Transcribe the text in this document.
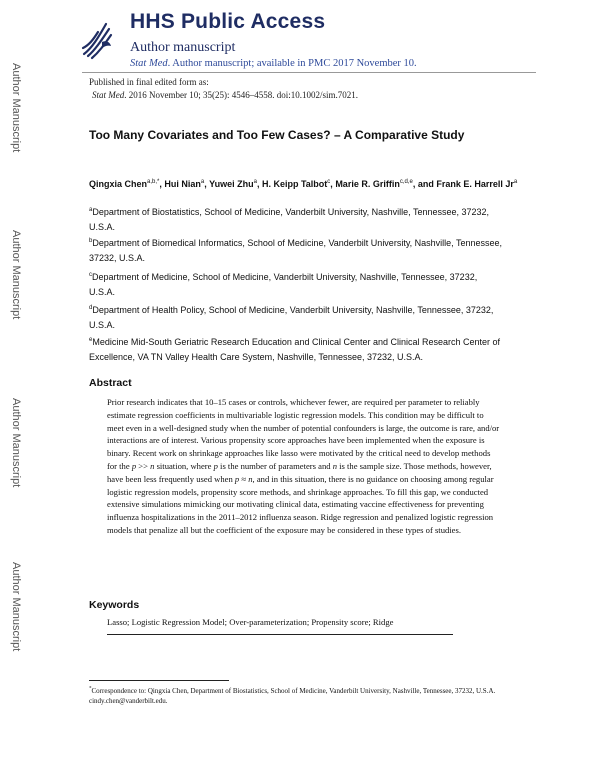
Author Manuscript
Author Manuscript
Author Manuscript
Author Manuscript
HHS Public Access
Author manuscript
Stat Med. Author manuscript; available in PMC 2017 November 10.
Published in final edited form as:
Stat Med. 2016 November 10; 35(25): 4546–4558. doi:10.1002/sim.7021.
Too Many Covariates and Too Few Cases? – A Comparative Study
Qingxia Chen$^{a,b,*}$, Hui Nian$^a$, Yuwei Zhu$^a$, H. Keipp Talbot$^c$, Marie R. Griffin$^{c,d,e}$, and Frank E. Harrell Jr$^a$
$^a$Department of Biostatistics, School of Medicine, Vanderbilt University, Nashville, Tennessee, 37232, U.S.A.
$^b$Department of Biomedical Informatics, School of Medicine, Vanderbilt University, Nashville, Tennessee, 37232, U.S.A.
$^c$Department of Medicine, School of Medicine, Vanderbilt University, Nashville, Tennessee, 37232, U.S.A.
$^d$Department of Health Policy, School of Medicine, Vanderbilt University, Nashville, Tennessee, 37232, U.S.A.
$^e$Medicine Mid-South Geriatric Research Education and Clinical Center and Clinical Research Center of Excellence, VA TN Valley Health Care System, Nashville, Tennessee, 37232, U.S.A.
Abstract
Prior research indicates that 10–15 cases or controls, whichever fewer, are required per parameter to reliably estimate regression coefficients in multivariable logistic regression models. This condition may be difficult to meet even in a well-designed study when the number of potential confounders is large, the outcome is rare, and/or interactions are of interest. Various propensity score approaches have been implemented when the exposure is binary. Recent work on shrinkage approaches like lasso were motivated by the critical need to develop methods for the p >> n situation, where p is the number of parameters and n is the sample size. Those methods, however, have been less frequently used when p ≈ n, and in this situation, there is no guidance on choosing among regular logistic regression models, propensity score methods, and shrinkage approaches. To fill this gap, we conducted extensive simulations mimicking our motivating clinical data, estimating vaccine effectiveness for preventing influenza hospitalizations in the 2011–2012 influenza season. Ridge regression and penalized logistic regression models that penalize all but the coefficient of the exposure may be considered in these types of studies.
Keywords
Lasso; Logistic Regression Model; Over-parameterization; Propensity score; Ridge
*Correspondence to: Qingxia Chen, Department of Biostatistics, School of Medicine, Vanderbilt University, Nashville, Tennessee, 37232, U.S.A. cindy.chen@vanderbilt.edu.
